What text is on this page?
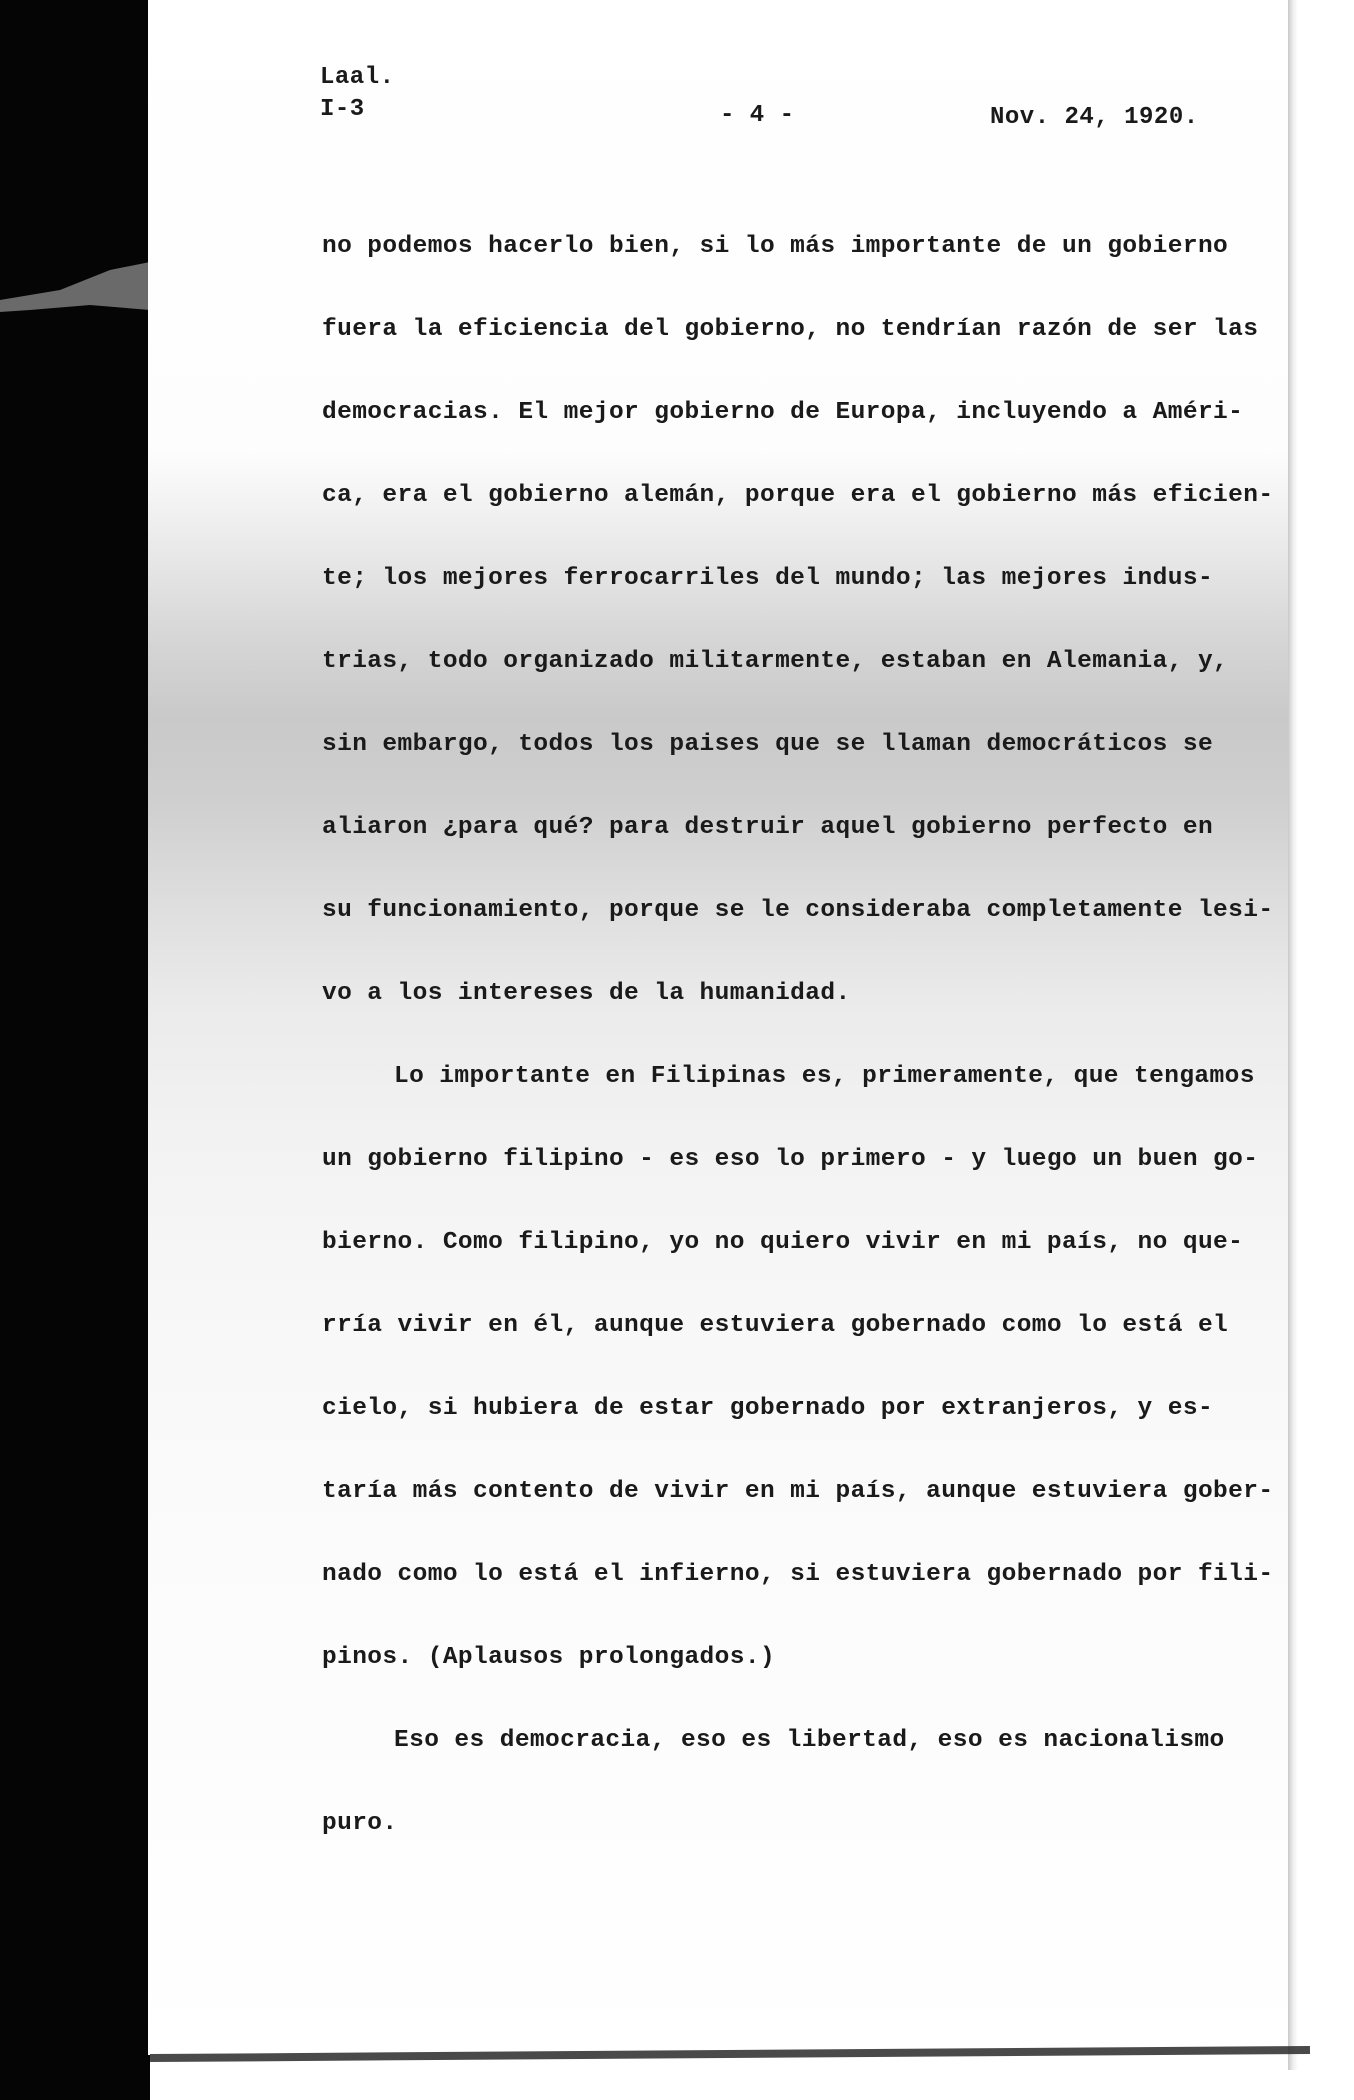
Laal.
I-3	- 4 -	Nov. 24, 1920.
no podemos hacerlo bien, si lo más importante de un gobierno
fuera la eficiencia del gobierno, no tendrían razón de ser las
democracias. El mejor gobierno de Europa, incluyendo a Améri-
ca, era el gobierno alemán, porque era el gobierno más eficien-
te; los mejores ferrocarriles del mundo; las mejores indus-
trias, todo organizado militarmente, estaban en Alemania, y,
sin embargo, todos los paises que se llaman democráticos se
aliaron ¿para qué? para destruir aquel gobierno perfecto en
su funcionamiento, porque se le consideraba completamente lesi-
vo a los intereses de la humanidad.
Lo importante en Filipinas es, primeramente, que tengamos
un gobierno filipino - es eso lo primero - y luego un buen go-
bierno. Como filipino, yo no quiero vivir en mi país, no que-
rría vivir en él, aunque estuviera gobernado como lo está el
cielo, si hubiera de estar gobernado por extranjeros, y es-
taría más contento de vivir en mi país, aunque estuviera gober-
nado como lo está el infierno, si estuviera gobernado por fili-
pinos. (Aplausos prolongados.)
Eso es democracia, eso es libertad, eso es nacionalismo
puro.
